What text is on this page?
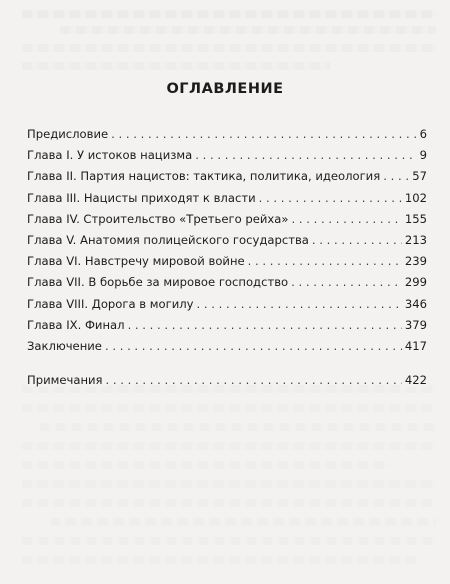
ОГЛАВЛЕНИЕ
Предисловие . . .	6
Глава I. У истоков нацизма . . .	9
Глава II. Партия нацистов: тактика, политика, идеология . . .	57
Глава III. Нацисты приходят к власти . . .	102
Глава IV. Строительство «Третьего рейха» . . .	155
Глава V. Анатомия полицейского государства . . .	213
Глава VI. Навстречу мировой войне . . .	239
Глава VII. В борьбе за мировое господство . . .	299
Глава VIII. Дорога в могилу . . .	346
Глава IX. Финал . . .	379
Заключение . . .	417
Примечания . . .	422
